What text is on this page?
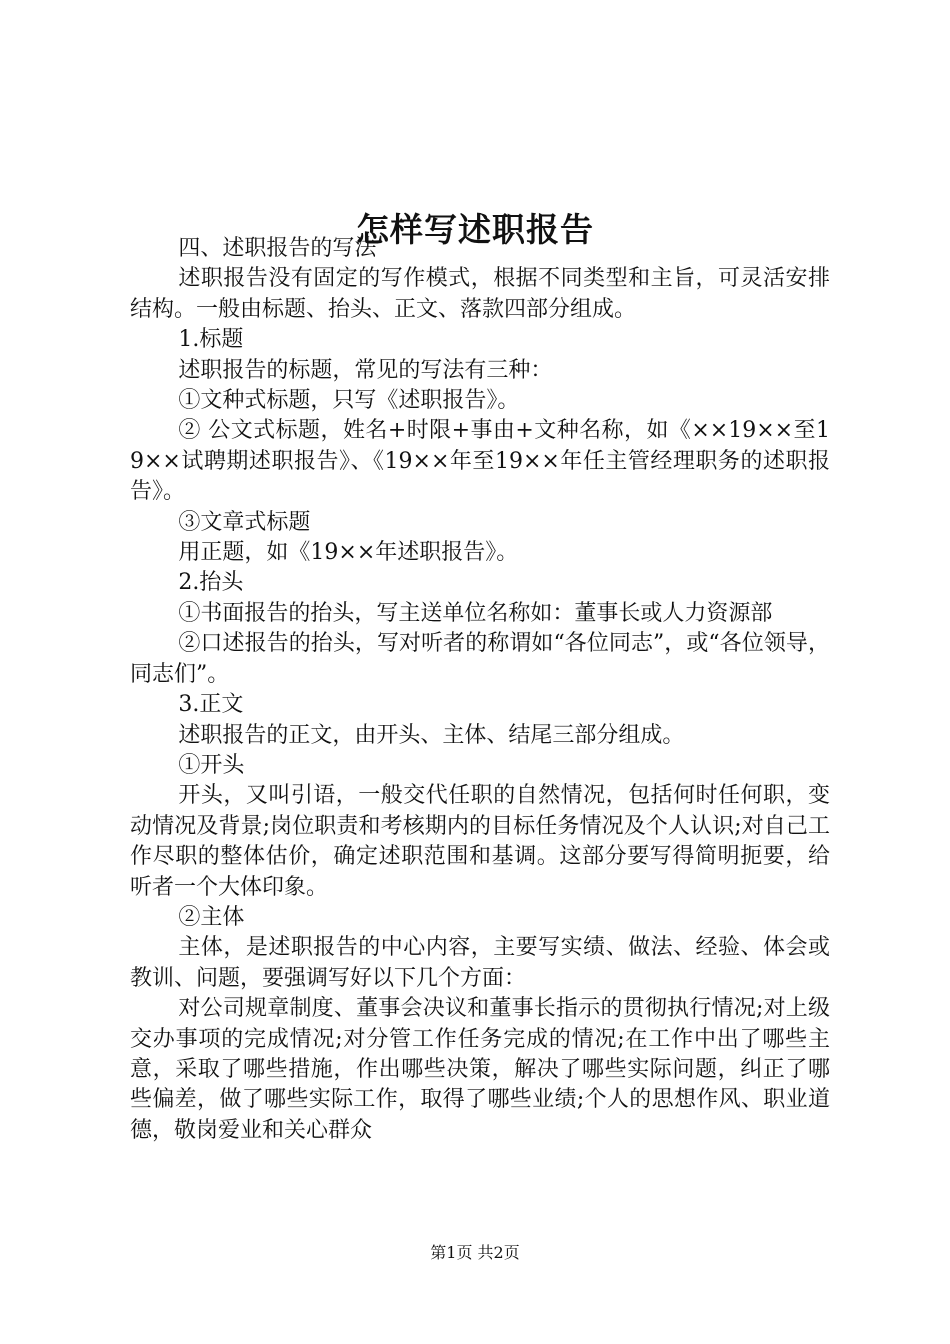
怎样写述职报告

四、述职报告的写法

述职报告没有固定的写作模式，根据不同类型和主旨，可灵活安排结构。一般由标题、抬头、正文、落款四部分组成。

1.标题

述职报告的标题，常见的写法有三种：

①文种式标题，只写《述职报告》。

② 公文式标题，姓名+时限+事由+文种名称，如《××19××至19××试聘期述职报告》、《19××年至19××年任主管经理职务的述职报告》。

③文章式标题

用正题，如《19××年述职报告》。

2.抬头

①书面报告的抬头，写主送单位名称如：董事长或人力资源部

②口述报告的抬头，写对听者的称谓如“各位同志”，或“各位领导，同志们”。

3.正文

述职报告的正文，由开头、主体、结尾三部分组成。

①开头

开头，又叫引语，一般交代任职的自然情况，包括何时任何职，变动情况及背景;岗位职责和考核期内的目标任务情况及个人认识;对自己工作尽职的整体估价，确定述职范围和基调。这部分要写得简明扼要，给听者一个大体印象。

②主体

主体，是述职报告的中心内容，主要写实绩、做法、经验、体会或教训、问题，要强调写好以下几个方面：

对公司规章制度、董事会决议和董事长指示的贯彻执行情况;对上级交办事项的完成情况;对分管工作任务完成的情况;在工作中出了哪些主意，采取了哪些措施，作出哪些决策，解决了哪些实际问题，纠正了哪些偏差，做了哪些实际工作，取得了哪些业绩;个人的思想作风、职业道德，敬岗爱业和关心群众

第1页 共2页
